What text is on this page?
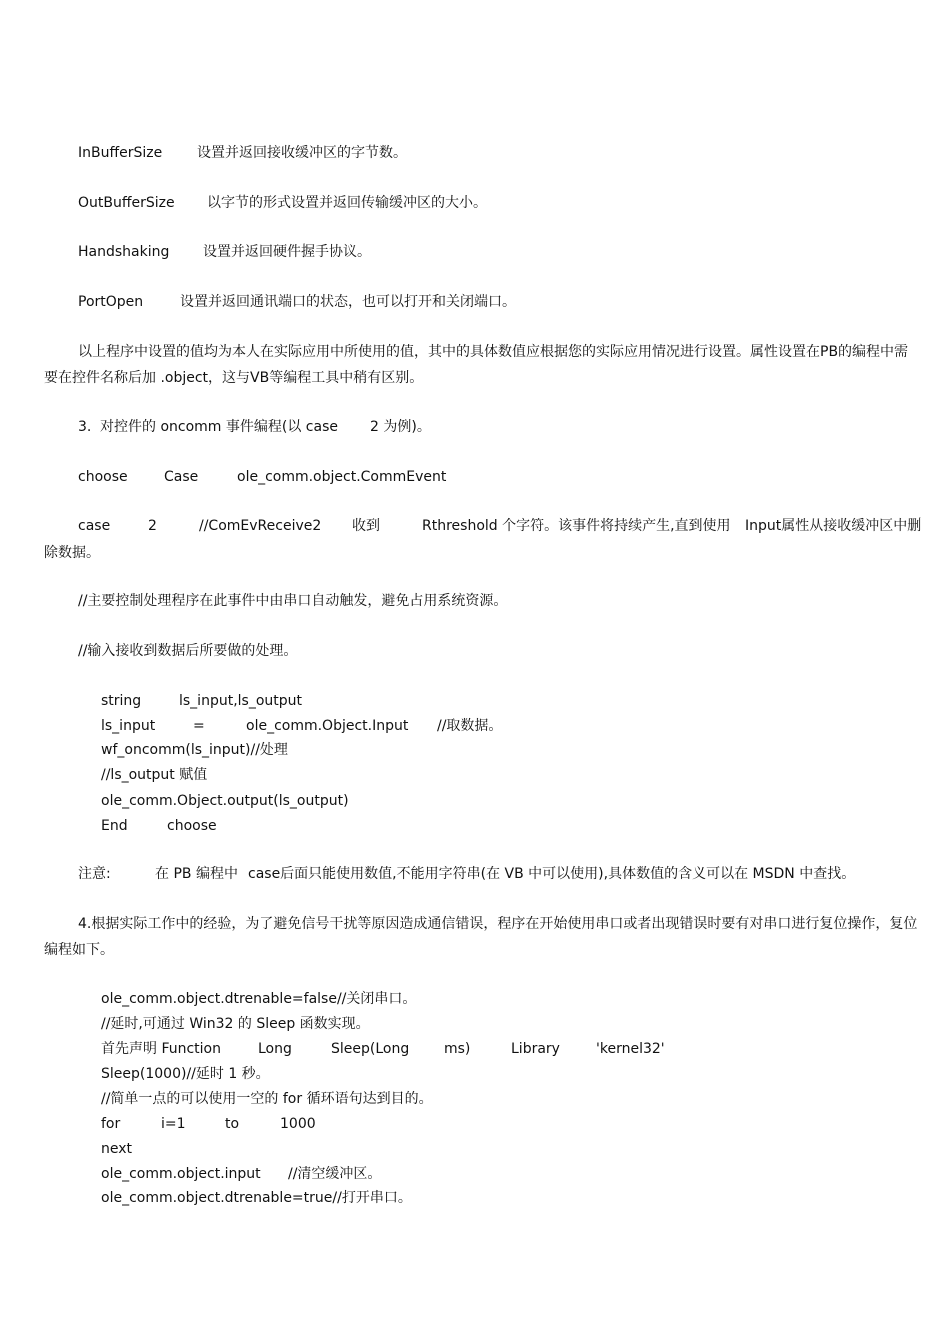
InBufferSize 设置并返回接收缓冲区的字节数。
OutBufferSize 以字节的形式设置并返回传输缓冲区的大小。
Handshaking 设置并返回硬件握手协议。
PortOpen	设置并返回通讯端口的状态，也可以打开和关闭端口。
以上程序中设置的值均为本人在实际应用中所使用的值，其中的具体数值应根据您的实际应用情况进行设置。属性设置在PB的编程中需要在控件名称后加 .object，这与VB等编程工具中稍有区别。
3. 对控件的 oncomm 事件编程(以 case 2 为例)。
choose	Case	ole_comm.object.CommEvent
case	2	//ComEvReceive2 收到	Rthreshold 个字符。该事件将持续产生,直到使用 Input属性从接收缓冲区中删
除数据。
//主要控制处理程序在此事件中由串口自动触发，避免占用系统资源。
//输入接收到数据后所要做的处理。
string	ls_input,ls_output
ls_input	=	ole_comm.Object.Input //取数据。
wf_oncomm(ls_input)//处理
//ls_output 赋值
ole_comm.Object.output(ls_output)
End	choose
注意:	在 PB 编程中 case后面只能使用数值,不能用字符串(在 VB 中可以使用),具体数值的含义可以在 MSDN 中查找。
4.根据实际工作中的经验，为了避免信号干扰等原因造成通信错误，程序在开始使用串口或者出现错误时要有对串口进行复位操作，复位编程如下。
ole_comm.object.dtrenable=false//关闭串口。
//延时,可通过 Win32 的 Sleep 函数实现。
首先声明 Function	Long	Sleep(Long ms)	Library	'kernel32'
Sleep(1000)//延时 1 秒。
//简单一点的可以使用一空的 for 循环语句达到目的。
for	i=1	to	1000
next
ole_comm.object.input //清空缓冲区。
ole_comm.object.dtrenable=true//打开串口。
